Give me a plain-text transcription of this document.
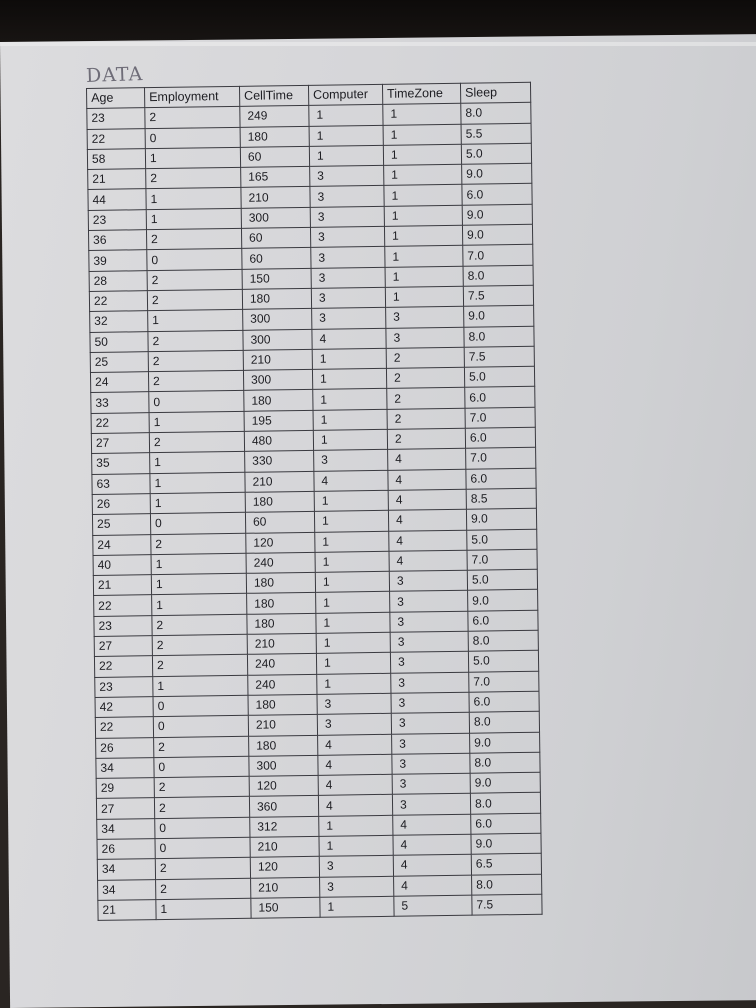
DATA
Age	Employment	CellTime	Computer	TimeZone	Sleep
23	2	249	1	1	8.0
22	0	180	1	1	5.5
58	1	60	1	1	5.0
21	2	165	3	1	9.0
44	1	210	3	1	6.0
23	1	300	3	1	9.0
36	2	60	3	1	9.0
39	0	60	3	1	7.0
28	2	150	3	1	8.0
22	2	180	3	1	7.5
32	1	300	3	3	9.0
50	2	300	4	3	8.0
25	2	210	1	2	7.5
24	2	300	1	2	5.0
33	0	180	1	2	6.0
22	1	195	1	2	7.0
27	2	480	1	2	6.0
35	1	330	3	4	7.0
63	1	210	4	4	6.0
26	1	180	1	4	8.5
25	0	60	1	4	9.0
24	2	120	1	4	5.0
40	1	240	1	4	7.0
21	1	180	1	3	5.0
22	1	180	1	3	9.0
23	2	180	1	3	6.0
27	2	210	1	3	8.0
22	2	240	1	3	5.0
23	1	240	1	3	7.0
42	0	180	3	3	6.0
22	0	210	3	3	8.0
26	2	180	4	3	9.0
34	0	300	4	3	8.0
29	2	120	4	3	9.0
27	2	360	4	3	8.0
34	0	312	1	4	6.0
26	0	210	1	4	9.0
34	2	120	3	4	6.5
34	2	210	3	4	8.0
21	1	150	1	5	7.5
